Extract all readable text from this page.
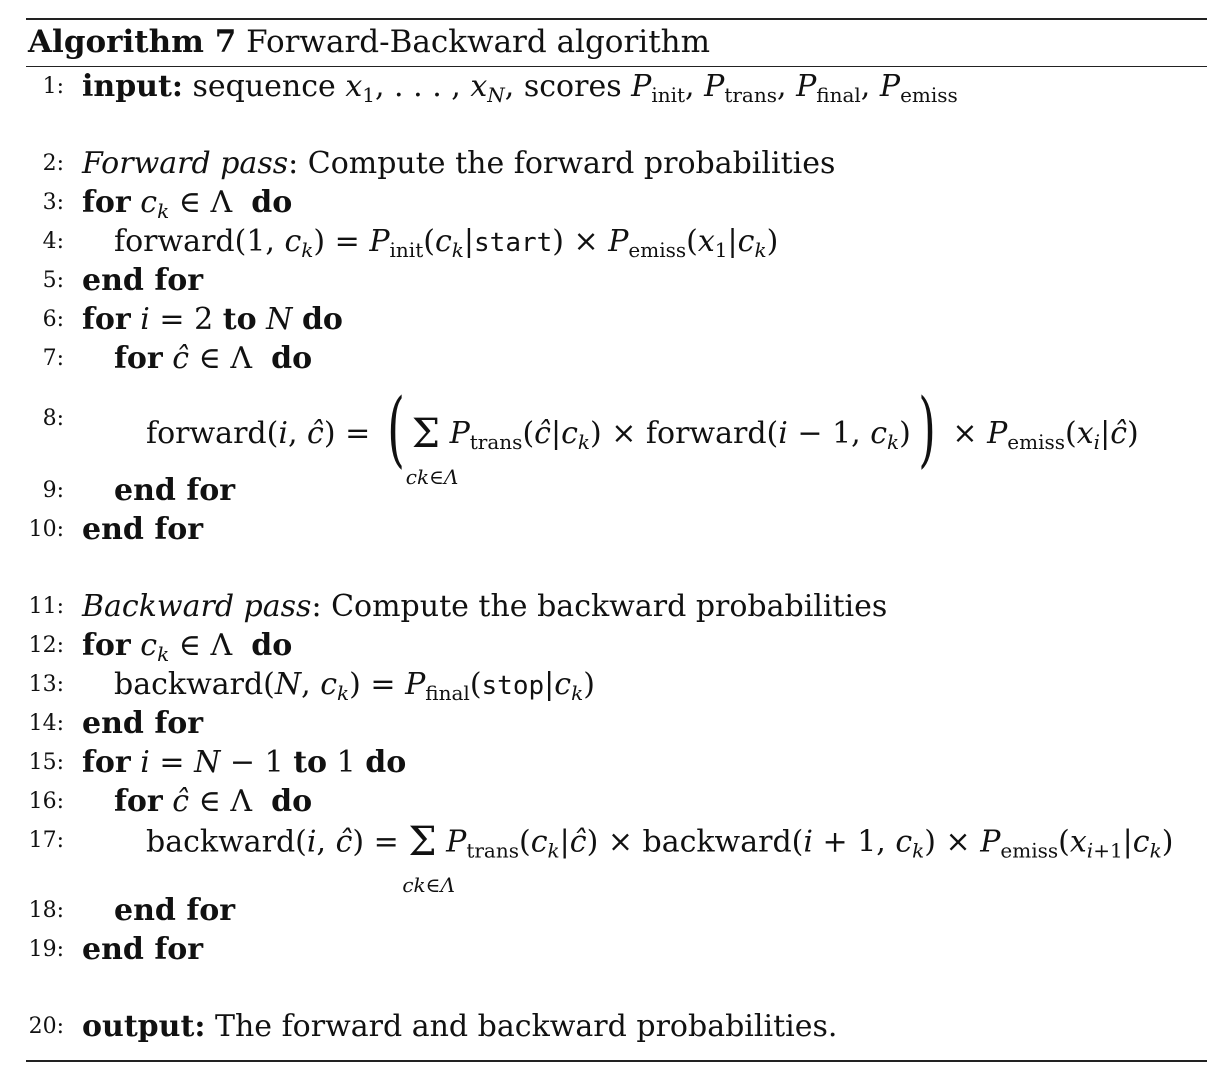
Algorithm 7 Forward-Backward algorithm
1: input: sequence $x_1$, . . . , $x_N$, scores $P_{init}$, $P_{trans}$, $P_{final}$, $P_{emiss}$
2: Forward pass: Compute the forward probabilities
3: for $c_k$ ∈ Λ  do
4: forward(1, $c_k$) = $P_{init}(c_k|start) \times P_{emiss}(x_1|c_k)$
5: end for
6: for i = 2 to N do
7: for ĉ ∈ Λ  do
8:	forward(i, ĉ) = ( Σ
ck∈Λ
$P_{trans}(ĉ|c_k)$ × forward(i − 1, $c_k$)) × $P_{emiss}(x_i|ĉ)$
9: end for
10: end for
11: Backward pass: Compute the backward probabilities
12: for $c_k$ ∈ Λ  do
13: backward(N, $c_k$) = $P_{final}(stop|c_k)$
14: end for
15: for i = N − 1 to 1 do
16: for ĉ ∈ Λ  do
17:	backward(i, ĉ) = Σ
ck∈Λ
$P_{trans}(c_k|ĉ)$ × backward(i + 1, $c_k) \times P_{emiss}(x_{i+1}|c_k)$
18: end for
19: end for
20: output: The forward and backward probabilities.
